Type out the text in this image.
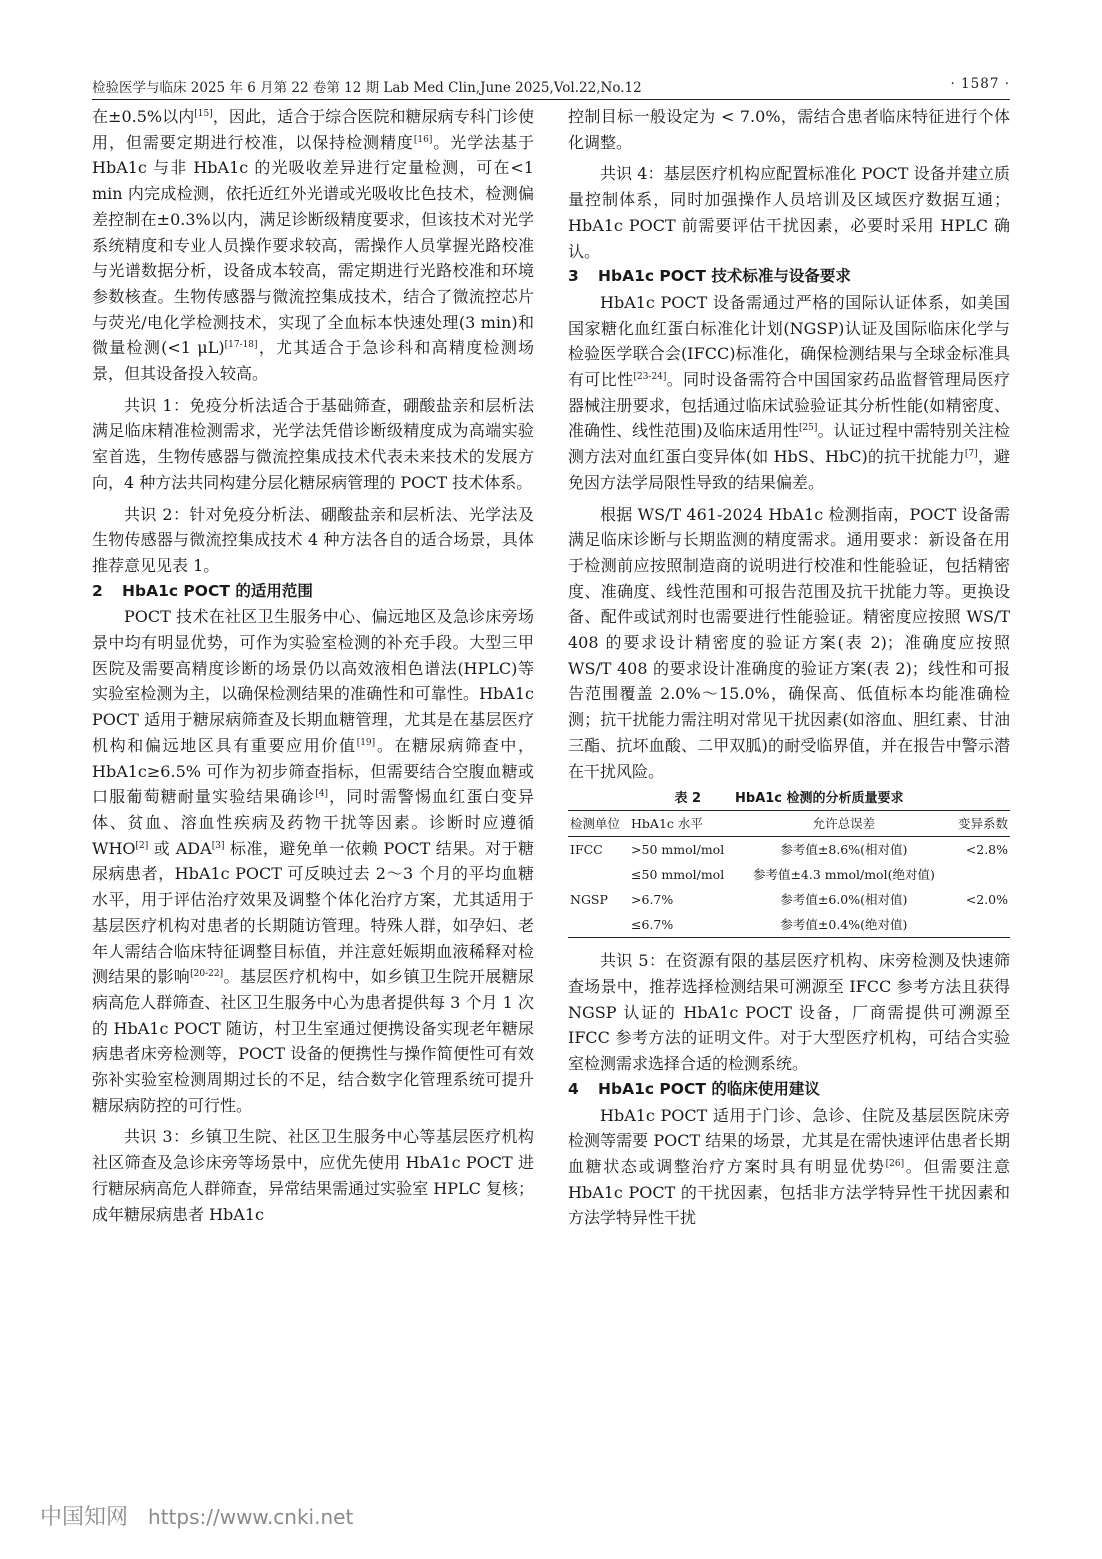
检验医学与临床 2025 年 6 月第 22 卷第 12 期 Lab Med Clin,June 2025,Vol.22,No.12	· 1587 ·

在±0.5%以内[15]，因此，适合于综合医院和糖尿病专科门诊使用，但需要定期进行校准，以保持检测精度[16]。光学法基于 HbA1c 与非 HbA1c 的光吸收差异进行定量检测，可在<1 min 内完成检测，依托近红外光谱或光吸收比色技术，检测偏差控制在±0.3%以内，满足诊断级精度要求，但该技术对光学系统精度和专业人员操作要求较高，需操作人员掌握光路校准与光谱数据分析，设备成本较高，需定期进行光路校准和环境参数核查。生物传感器与微流控集成技术，结合了微流控芯片与荧光/电化学检测技术，实现了全血标本快速处理(3 min)和微量检测(<1 μL)[17-18]，尤其适合于急诊科和高精度检测场景，但其设备投入较高。

共识 1：免疫分析法适合于基础筛查，硼酸盐亲和层析法满足临床精准检测需求，光学法凭借诊断级精度成为高端实验室首选，生物传感器与微流控集成技术代表未来技术的发展方向，4 种方法共同构建分层化糖尿病管理的 POCT 技术体系。

共识 2：针对免疫分析法、硼酸盐亲和层析法、光学法及生物传感器与微流控集成技术 4 种方法各自的适合场景，具体推荐意见见表 1。

2 HbA1c POCT 的适用范围

POCT 技术在社区卫生服务中心、偏远地区及急诊床旁场景中均有明显优势，可作为实验室检测的补充手段。大型三甲医院及需要高精度诊断的场景仍以高效液相色谱法(HPLC)等实验室检测为主，以确保检测结果的准确性和可靠性。HbA1c POCT 适用于糖尿病筛查及长期血糖管理，尤其是在基层医疗机构和偏远地区具有重要应用价值[19]。在糖尿病筛查中，HbA1c≥6.5% 可作为初步筛查指标，但需要结合空腹血糖或口服葡萄糖耐量实验结果确诊[4]，同时需警惕血红蛋白变异体、贫血、溶血性疾病及药物干扰等因素。诊断时应遵循 WHO[2] 或 ADA[3] 标准，避免单一依赖 POCT 结果。对于糖尿病患者，HbA1c POCT 可反映过去 2～3 个月的平均血糖水平，用于评估治疗效果及调整个体化治疗方案，尤其适用于基层医疗机构对患者的长期随访管理。特殊人群，如孕妇、老年人需结合临床特征调整目标值，并注意妊娠期血液稀释对检测结果的影响[20-22]。基层医疗机构中，如乡镇卫生院开展糖尿病高危人群筛查、社区卫生服务中心为患者提供每 3 个月 1 次的 HbA1c POCT 随访，村卫生室通过便携设备实现老年糖尿病患者床旁检测等，POCT 设备的便携性与操作简便性可有效弥补实验室检测周期过长的不足，结合数字化管理系统可提升糖尿病防控的可行性。

共识 3：乡镇卫生院、社区卫生服务中心等基层医疗机构社区筛查及急诊床旁等场景中，应优先使用 HbA1c POCT 进行糖尿病高危人群筛查，异常结果需通过实验室 HPLC 复核；成年糖尿病患者 HbA1c

控制目标一般设定为 < 7.0%，需结合患者临床特征进行个体化调整。

共识 4：基层医疗机构应配置标准化 POCT 设备并建立质量控制体系，同时加强操作人员培训及区域医疗数据互通；HbA1c POCT 前需要评估干扰因素，必要时采用 HPLC 确认。

3 HbA1c POCT 技术标准与设备要求

HbA1c POCT 设备需通过严格的国际认证体系，如美国国家糖化血红蛋白标准化计划(NGSP)认证及国际临床化学与检验医学联合会(IFCC)标准化，确保检测结果与全球金标准具有可比性[23-24]。同时设备需符合中国国家药品监督管理局医疗器械注册要求，包括通过临床试验验证其分析性能(如精密度、准确性、线性范围)及临床适用性[25]。认证过程中需特别关注检测方法对血红蛋白变异体(如 HbS、HbC)的抗干扰能力[7]，避免因方法学局限性导致的结果偏差。

根据 WS/T 461-2024 HbA1c 检测指南，POCT 设备需满足临床诊断与长期监测的精度需求。通用要求：新设备在用于检测前应按照制造商的说明进行校准和性能验证，包括精密度、准确度、线性范围和可报告范围及抗干扰能力等。更换设备、配件或试剂时也需要进行性能验证。精密度应按照 WS/T 408 的要求设计精密度的验证方案(表 2)；准确度应按照 WS/T 408 的要求设计准确度的验证方案(表 2)；线性和可报告范围覆盖 2.0%～15.0%，确保高、低值标本均能准确检测；抗干扰能力需注明对常见干扰因素(如溶血、胆红素、甘油三酯、抗坏血酸、二甲双胍)的耐受临界值，并在报告中警示潜在干扰风险。

表 2	HbA1c 检测的分析质量要求
检测单位	HbA1c 水平	允许总误差	变异系数
IFCC	>50 mmol/mol	参考值±8.6%(相对值)	<2.8%
	≤50 mmol/mol	参考值±4.3 mmol/mol(绝对值)	
NGSP	>6.7%	参考值±6.0%(相对值)	<2.0%
	≤6.7%	参考值±0.4%(绝对值)	

共识 5：在资源有限的基层医疗机构、床旁检测及快速筛查场景中，推荐选择检测结果可溯源至 IFCC 参考方法且获得 NGSP 认证的 HbA1c POCT 设备，厂商需提供可溯源至 IFCC 参考方法的证明文件。对于大型医疗机构，可结合实验室检测需求选择合适的检测系统。

4 HbA1c POCT 的临床使用建议

HbA1c POCT 适用于门诊、急诊、住院及基层医院床旁检测等需要 POCT 结果的场景，尤其是在需快速评估患者长期血糖状态或调整治疗方案时具有明显优势[26]。但需要注意 HbA1c POCT 的干扰因素，包括非方法学特异性干扰因素和方法学特异性干扰

中国知网 https://www.cnki.net
